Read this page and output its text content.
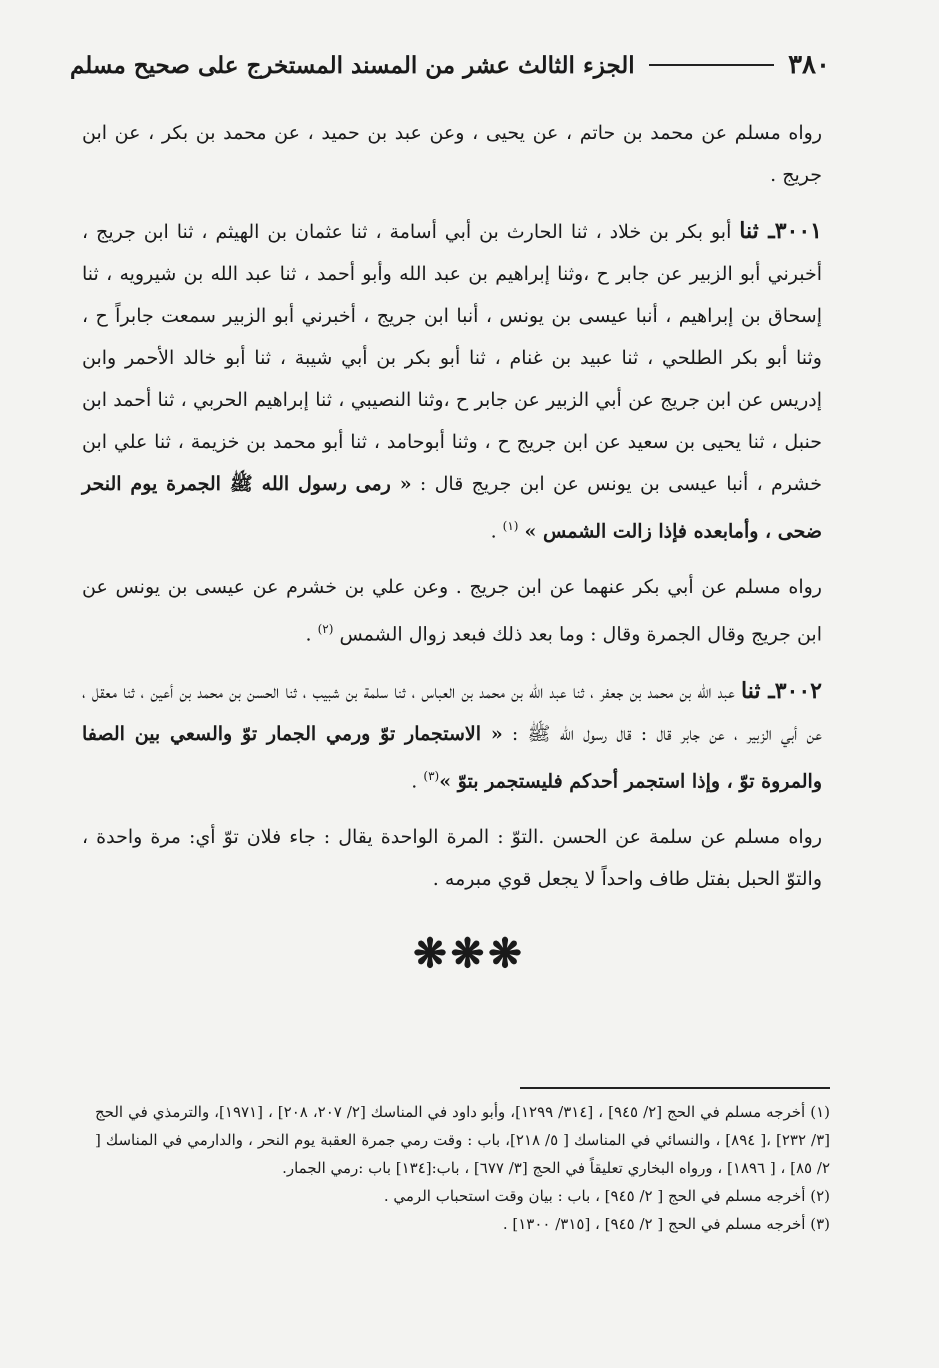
٣٨٠
الجزء الثالث عشر من المسند المستخرج على صحيح مسلم

رواه مسلم عن محمد بن حاتم ، عن يحيى ، وعن عبد بن حميد ، عن محمد بن بكر ، عن ابن جريج .

٣٠٠١ـ ثنا أبو بكر بن خلاد ، ثنا الحارث بن أبي أسامة ، ثنا عثمان بن الهيثم ، ثنا ابن جريج ، أخبرني أبو الزبير عن جابر ح ،وثنا إبراهيم بن عبد الله وأبو أحمد ، ثنا عبد الله بن شيرويه ، ثنا إسحاق بن إبراهيم ، أنبا عيسى بن يونس ، أنبا ابن جريج ، أخبرني أبو الزبير سمعت جابراً ح ، وثنا أبو بكر الطلحي ، ثنا عبيد بن غنام ، ثنا أبو بكر بن أبي شيبة ، ثنا أبو خالد الأحمر وابن إدريس عن ابن جريج عن أبي الزبير عن جابر ح ،وثنا النصيبي ، ثنا إبراهيم الحربي ، ثنا أحمد ابن حنبل ، ثنا يحيى بن سعيد عن ابن جريج ح ، وثنا أبوحامد ، ثنا أبو محمد بن خزيمة ، ثنا علي ابن خشرم ، أنبا عيسى بن يونس عن ابن جريج قال : « رمى رسول الله ﷺ الجمرة يوم النحر ضحى ، وأمابعده فإذا زالت الشمس » $^{(١)}$ .

رواه مسلم عن أبي بكر عنهما عن ابن جريج . وعن علي بن خشرم عن عيسى بن يونس عن ابن جريج وقال الجمرة وقال : وما بعد ذلك فبعد زوال الشمس $^{(٢)}$ .

٣٠٠٢ـ ثنا عبد الله بن محمد بن جعفر ، ثنا عبد الله بن محمد بن العباس ، ثنا سلمة بن شبيب ، ثنا الحسن بن محمد بن أعين ، ثنا معقل ، عن أبي الزبير ، عن جابر قال : قال رسول الله ﷺ : « الاستجمار توّ ورمي الجمار توّ والسعي بين الصفا والمروة توّ ، وإذا استجمر أحدكم فليستجمر بتوّ »$^{(٣)}$ .

رواه مسلم عن سلمة عن الحسن .التوّ : المرة الواحدة يقال : جاء فلان توّ أي: مرة واحدة ، والتوّ الحبل بفتل طاف واحداً لا يجعل قوي مبرمه .

❋❋❋

(١) أخرجه مسلم في الحج [٢/ ٩٤٥] ، [٣١٤/ ١٢٩٩]، وأبو داود في المناسك [٢/ ٢٠٧، ٢٠٨] ، [١٩٧١]، والترمذي في الحج [٣/ ٢٣٢] ،[ ٨٩٤] ، والنسائي في المناسك [ ٥/ ٢١٨]، باب : وقت رمي جمرة العقبة يوم النحر ، والدارمي في المناسك [ ٢/ ٨٥] ، [ ١٨٩٦] ، ورواه البخاري تعليقاً في الحج [٣/ ٦٧٧] ، باب:[١٣٤] باب :رمي الجمار.

(٢) أخرجه مسلم في الحج [ ٢/ ٩٤٥] ، باب : بيان وقت استحباب الرمي .

(٣) أخرجه مسلم في الحج [ ٢/ ٩٤٥] ، [٣١٥/ ١٣٠٠] .
